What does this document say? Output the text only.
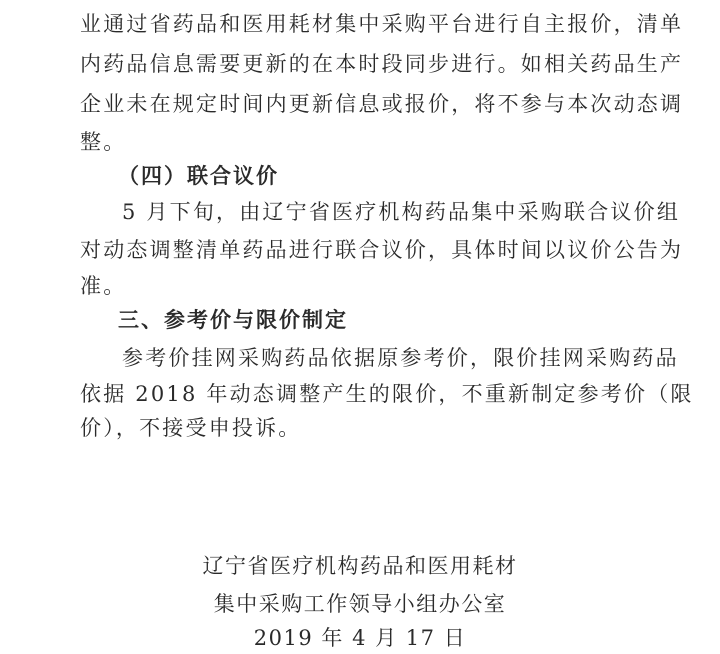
业通过省药品和医用耗材集中采购平台进行自主报价，清单
内药品信息需要更新的在本时段同步进行。如相关药品生产
企业未在规定时间内更新信息或报价，将不参与本次动态调
整。
（四）联合议价
5 月下旬，由辽宁省医疗机构药品集中采购联合议价组
对动态调整清单药品进行联合议价，具体时间以议价公告为
准。
三、参考价与限价制定
参考价挂网采购药品依据原参考价，限价挂网采购药品
依据 2018 年动态调整产生的限价，不重新制定参考价（限
价），不接受申投诉。
辽宁省医疗机构药品和医用耗材
集中采购工作领导小组办公室
2019 年 4 月 17 日
